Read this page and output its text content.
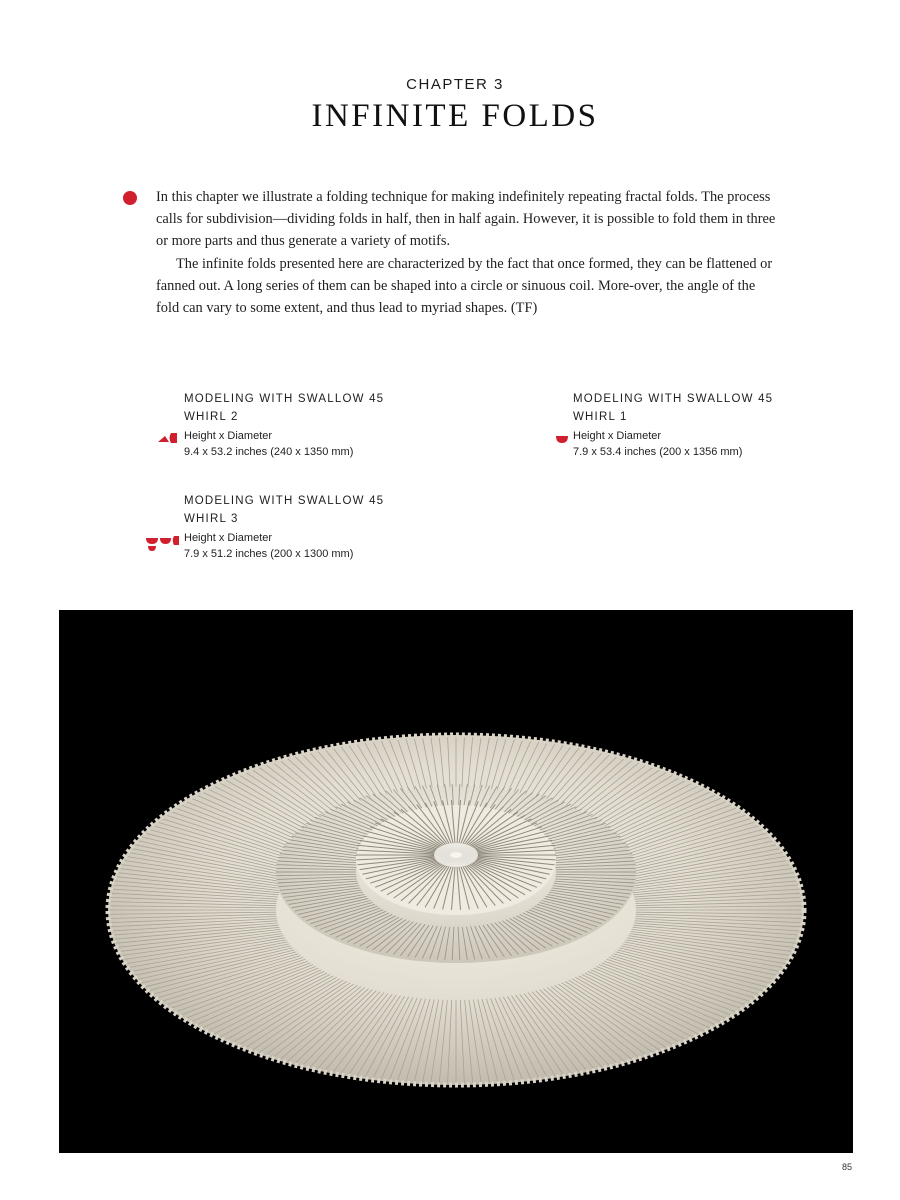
CHAPTER 3
INFINITE FOLDS

In this chapter we illustrate a folding technique for making indefinitely repeating fractal folds. The process calls for subdivision—dividing folds in half, then in half again. However, it is possible to fold them in three or more parts and thus generate a variety of motifs.

The infinite folds presented here are characterized by the fact that once formed, they can be flattened or fanned out. A long series of them can be shaped into a circle or sinuous coil. More-over, the angle of the fold can vary to some extent, and thus lead to myriad shapes. (TF)

MODELING WITH SWALLOW 45
WHIRL 2
Height x Diameter
9.4 x 53.2 inches (240 x 1350 mm)
MODELING WITH SWALLOW 45
WHIRL 1
Height x Diameter
7.9 x 53.4 inches (200 x 1356 mm)
MODELING WITH SWALLOW 45
WHIRL 3
Height x Diameter
7.9 x 51.2 inches (200 x 1300 mm)
85
